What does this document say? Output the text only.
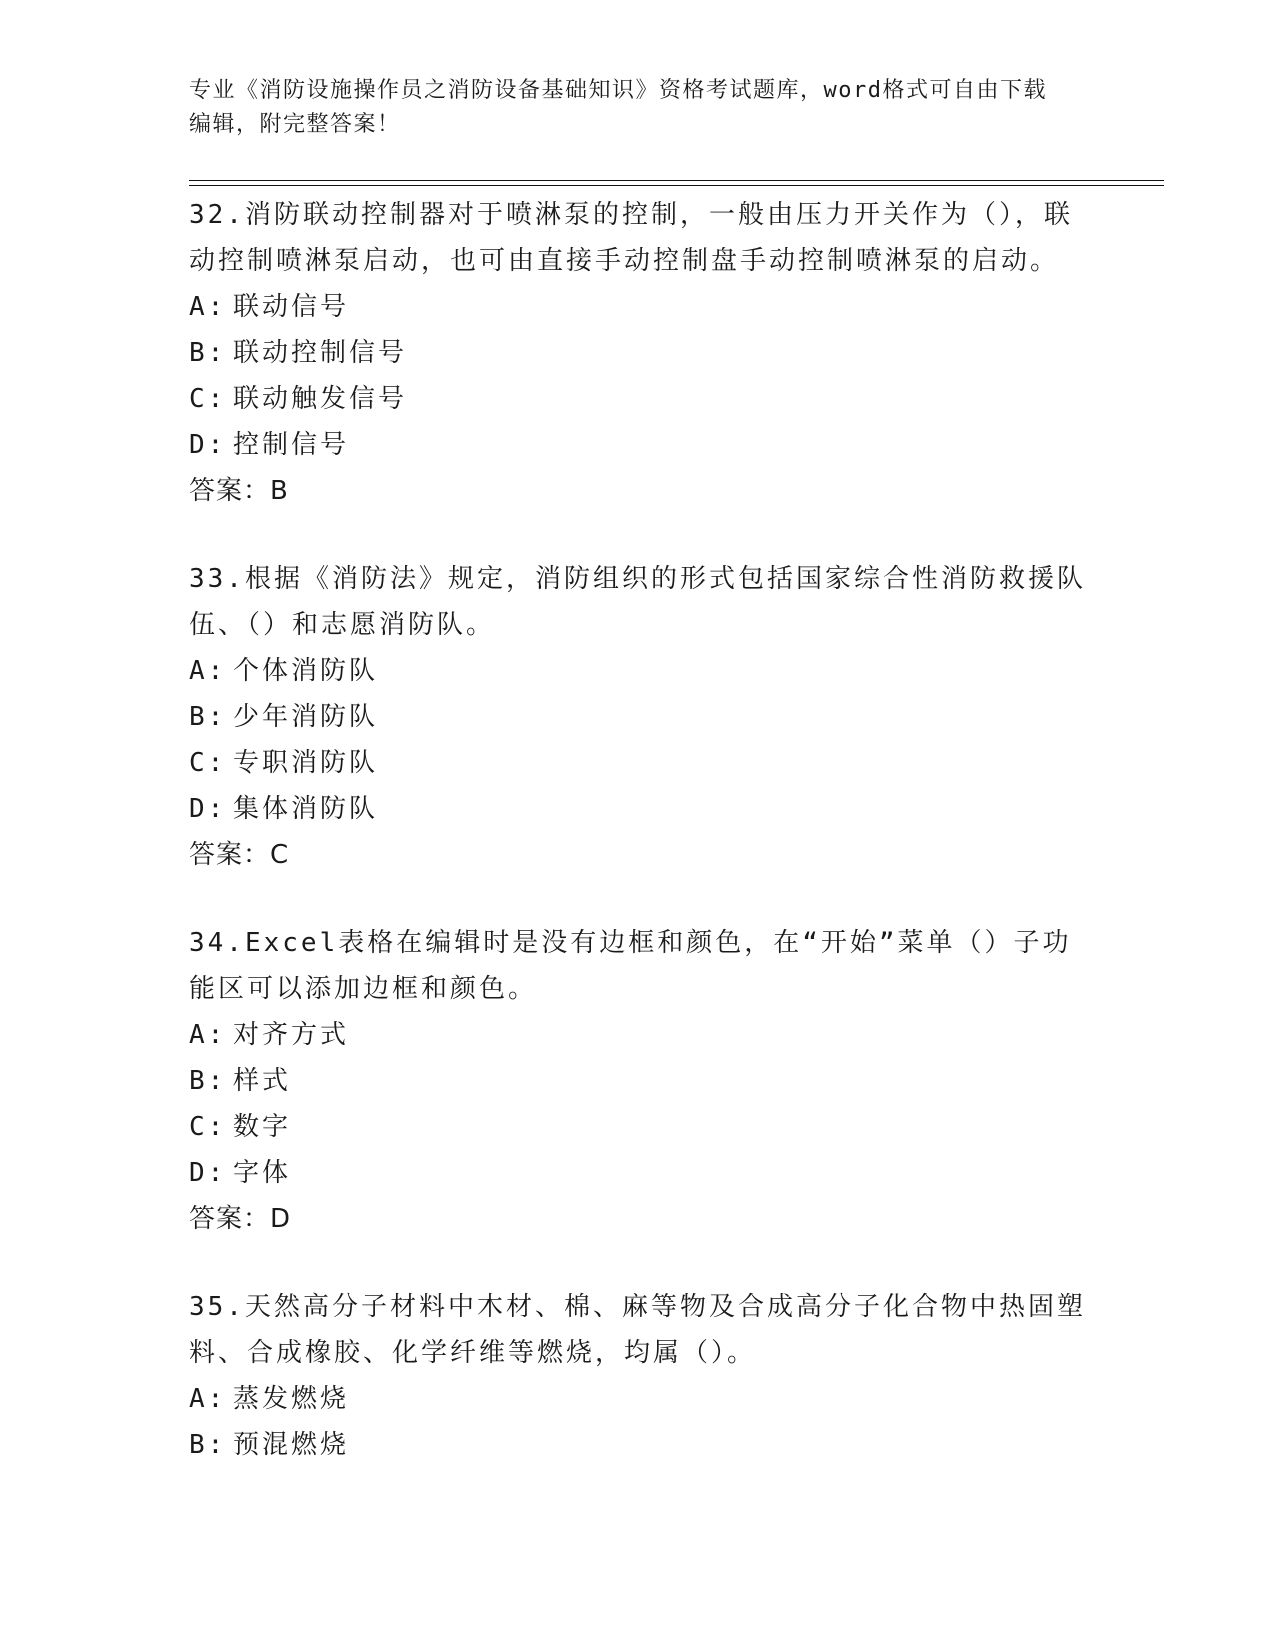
专业《消防设施操作员之消防设备基础知识》资格考试题库，word格式可自由下载编辑，附完整答案！

32.消防联动控制器对于喷淋泵的控制，一般由压力开关作为（），联动控制喷淋泵启动，也可由直接手动控制盘手动控制喷淋泵的启动。

A: 联动信号
B: 联动控制信号
C: 联动触发信号
D: 控制信号
答案：B

33.根据《消防法》规定，消防组织的形式包括国家综合性消防救援队伍、（）和志愿消防队。

A: 个体消防队
B: 少年消防队
C: 专职消防队
D: 集体消防队
答案：C

34.Excel表格在编辑时是没有边框和颜色，在“开始”菜单（）子功能区可以添加边框和颜色。

A: 对齐方式
B: 样式
C: 数字
D: 字体
答案：D

35.天然高分子材料中木材、棉、麻等物及合成高分子化合物中热固塑料、合成橡胶、化学纤维等燃烧，均属（）。

A: 蒸发燃烧
B: 预混燃烧
